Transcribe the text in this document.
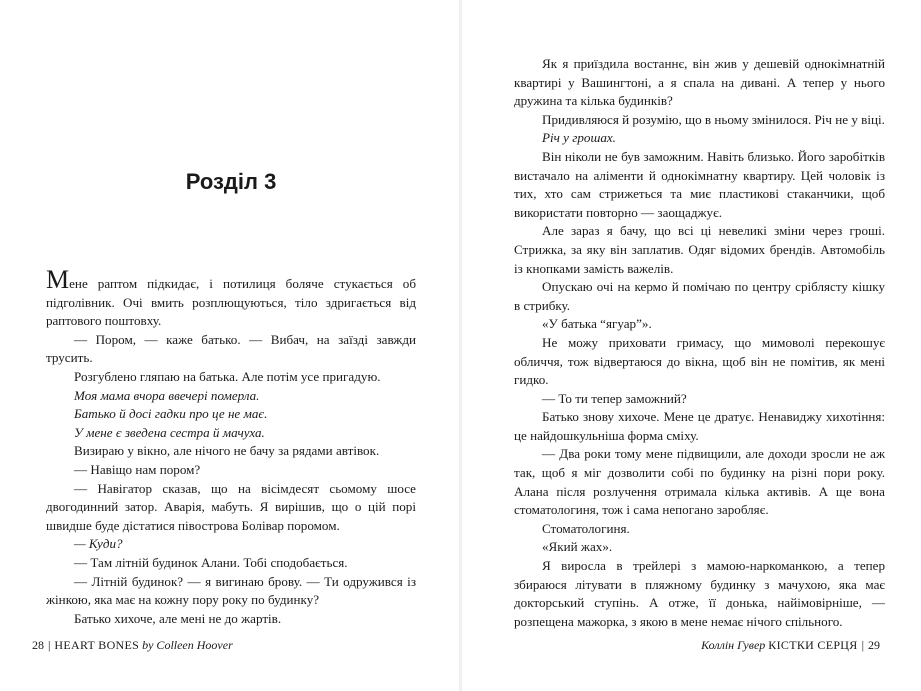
Розділ 3

Мене раптом підкидає, і потилиця боляче стукається об підголівник. Очі вмить розплющуються, тіло здригається від раптового поштовху.

— Пором, — каже батько. — Вибач, на заїзді завжди трусить.

Розгублено гляпаю на батька. Але потім усе пригадую.

Моя мама вчора ввечері померла.

Батько й досі гадки про це не має.

У мене є зведена сестра й мачуха.

Визираю у вікно, але нічого не бачу за рядами автівок.

— Навіщо нам пором?

— Навігатор сказав, що на вісімдесят сьомому шосе двогодинний затор. Аварія, мабуть. Я вирішив, що о цій порі швидше буде дістатися півострова Болівар поромом.

— Куди?

— Там літній будинок Алани. Тобі сподобається.

— Літній будинок? — я вигинаю брову. — Ти одружився із жінкою, яка має на кожну пору року по будинку?

Батько хихоче, але мені не до жартів.

28 | HEART BONES by Colleen Hoover

Як я приїздила востаннє, він жив у дешевій однокімнатній квартирі у Вашингтоні, а я спала на дивані. А тепер у нього дружина та кілька будинків?

Придивляюся й розумію, що в ньому змінилося. Річ не у віці.

Річ у грошах.

Він ніколи не був заможним. Навіть близько. Його заробітків вистачало на аліменти й однокімнатну квартиру. Цей чоловік із тих, хто сам стрижеться та миє пластикові стаканчики, щоб використати повторно — заощаджує.

Але зараз я бачу, що всі ці невеликі зміни через гроші. Стрижка, за яку він заплатив. Одяг відомих брендів. Автомобіль із кнопками замість важелів.

Опускаю очі на кермо й помічаю по центру сріблясту кішку в стрибку.

«У батька “ягуар”».

Не можу приховати гримасу, що мимоволі перекошує обличчя, тож відвертаюся до вікна, щоб він не помітив, як мені гидко.

— То ти тепер заможний?

Батько знову хихоче. Мене це дратує. Ненавиджу хихотіння: це найдошкульніша форма сміху.

— Два роки тому мене підвищили, але доходи зросли не аж так, щоб я міг дозволити собі по будинку на різні пори року. Алана після розлучення отримала кілька активів. А ще вона стоматологиня, тож і сама непогано заробляє.

Стоматологиня.

«Який жах».

Я виросла в трейлері з мамою-наркоманкою, а тепер збираюся літувати в пляжному будинку з мачухою, яка має докторський ступінь. А отже, її донька, найімовірніше, — розпещена мажорка, з якою в мене немає нічого спільного.

Коллін Гувер КІСТКИ СЕРЦЯ | 29
